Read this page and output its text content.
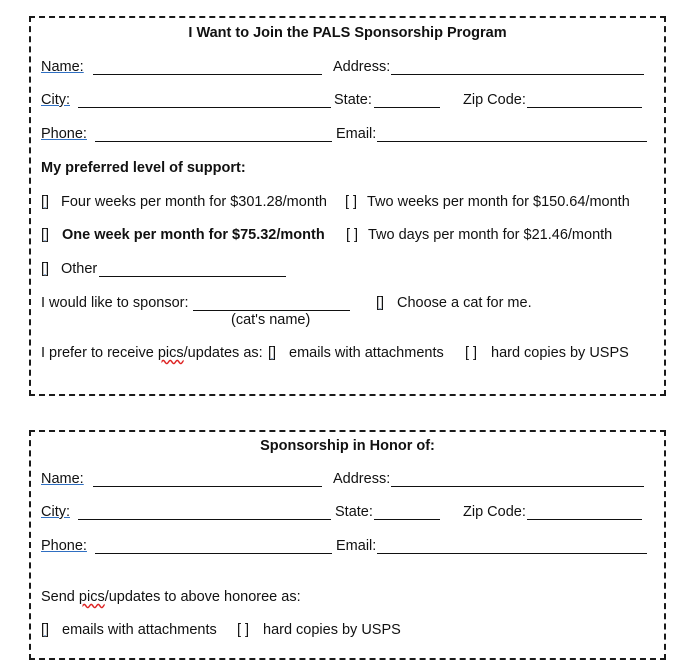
I Want to Join the PALS Sponsorship Program
Name:	Address:
City:	State:	Zip Code:
Phone:	Email:
My preferred level of support:
[] Four weeks per month for $301.28/month [ ] Two weeks per month for $150.64/month
[] One week per month for $75.32/month [ ] Two days per month for $21.46/month
[] Other
I would like to sponsor:	[] Choose a cat for me.
(cat's name)
I prefer to receive pics/updates as: [] emails with attachments [ ] hard copies by USPS
Sponsorship in Honor of:
Name:	Address:
City:	State:	Zip Code:
Phone:	Email:
Send pics/updates to above honoree as:
[] emails with attachments [ ] hard copies by USPS
